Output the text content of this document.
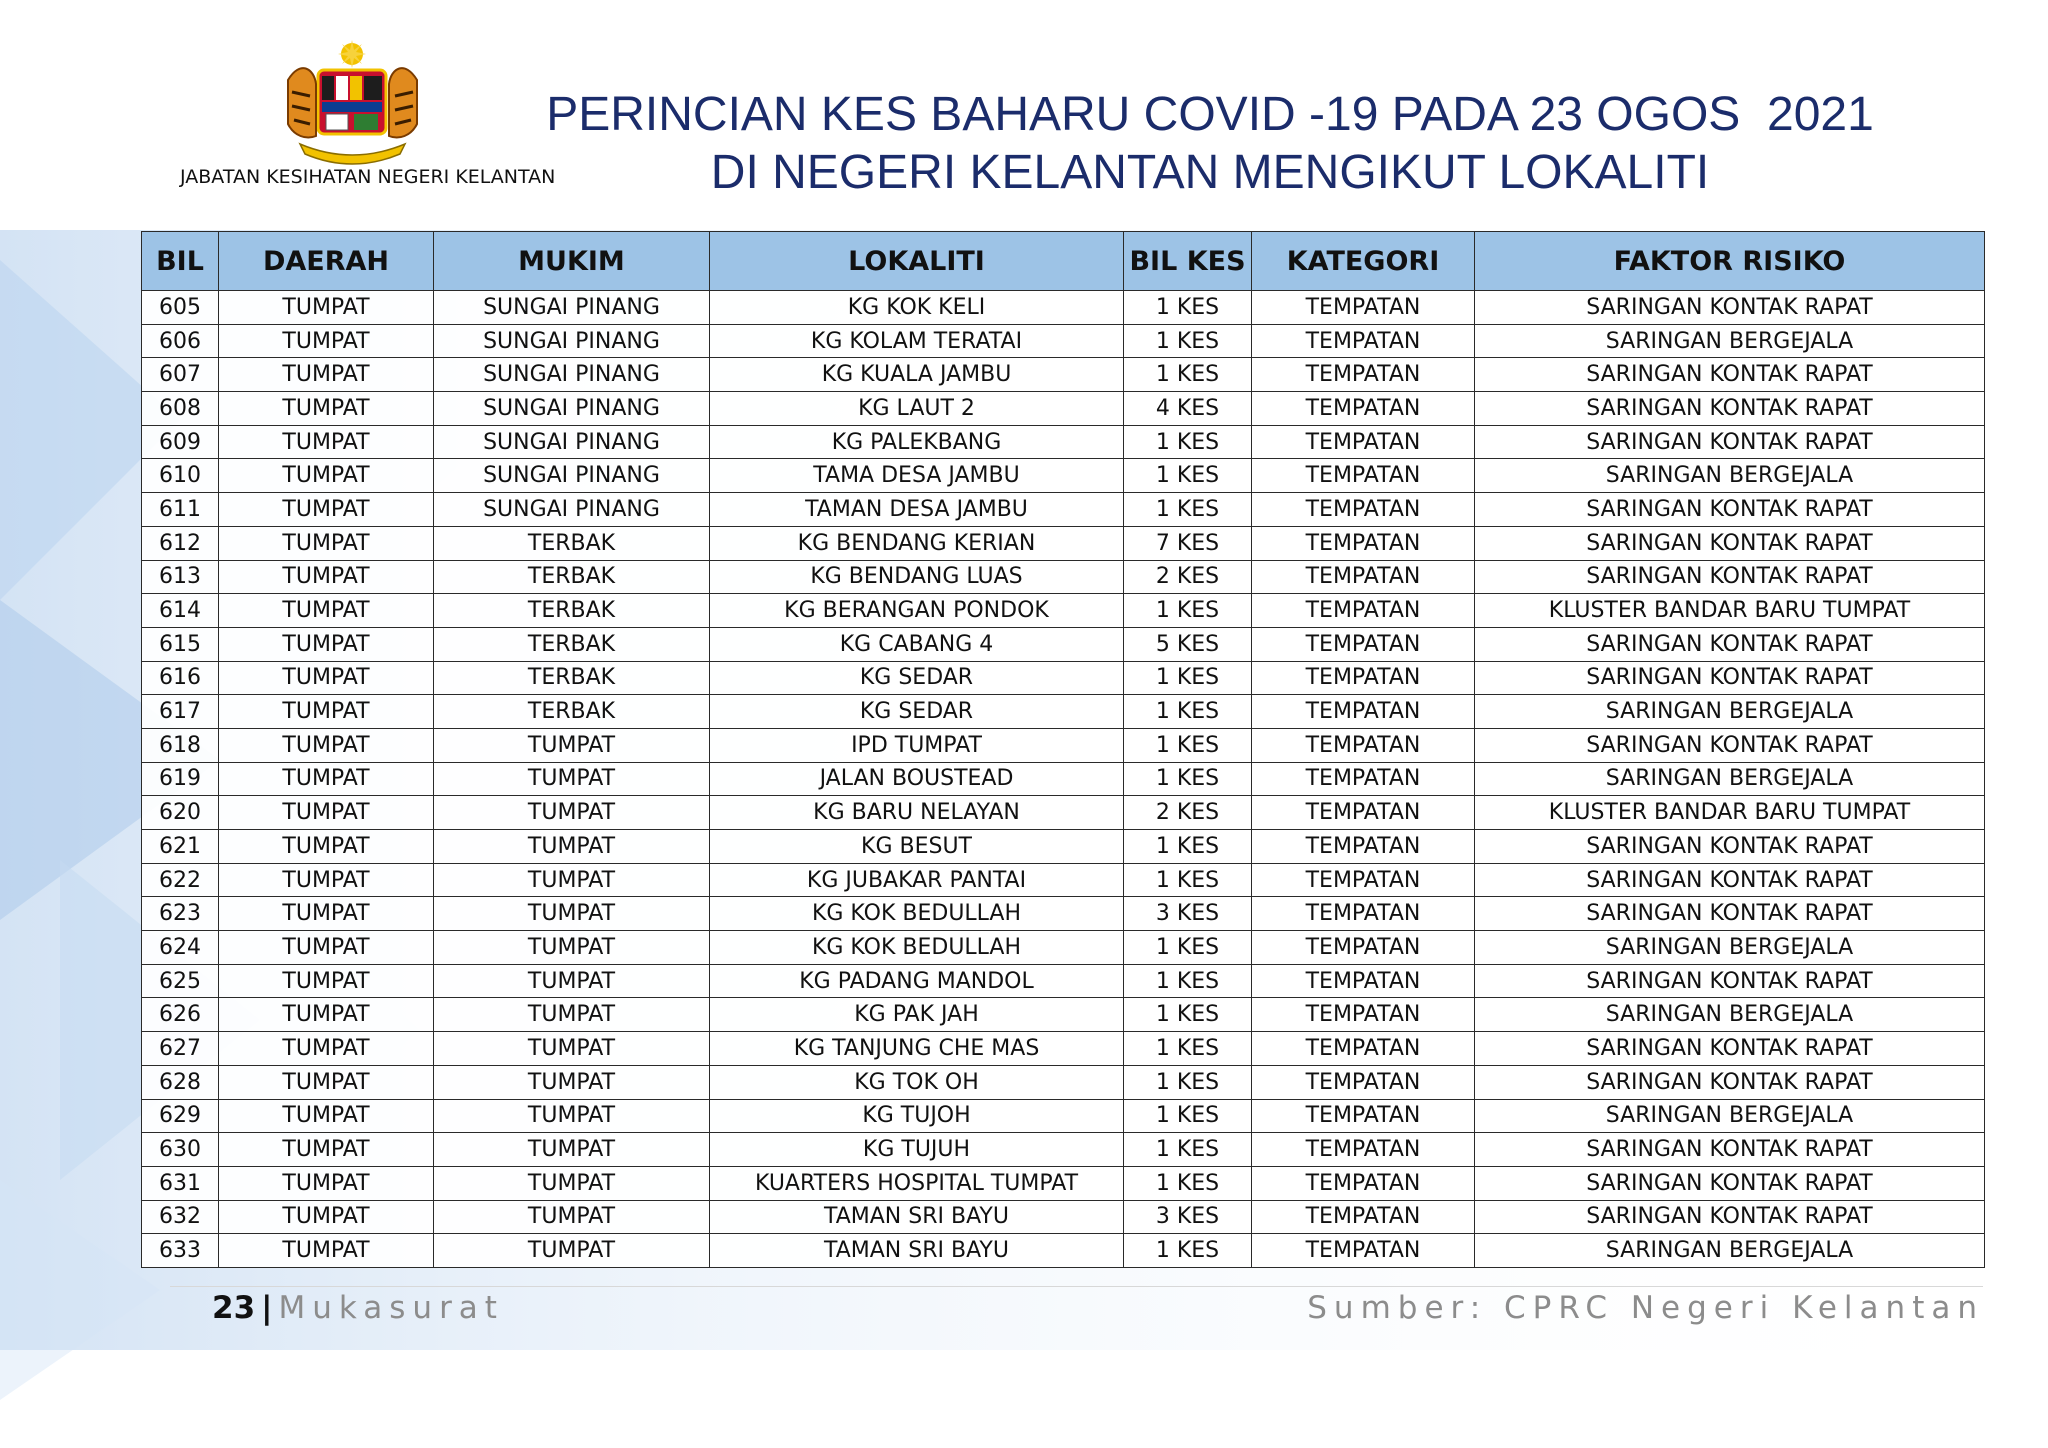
JABATAN KESIHATAN NEGERI KELANTAN
PERINCIAN KES BAHARU COVID -19 PADA 23 OGOS  2021
DI NEGERI KELANTAN MENGIKUT LOKALITI
BIL	DAERAH	MUKIM	LOKALITI	BIL KES	KATEGORI	FAKTOR RISIKO
605	TUMPAT	SUNGAI PINANG	KG KOK KELI	1 KES	TEMPATAN	SARINGAN KONTAK RAPAT
606	TUMPAT	SUNGAI PINANG	KG KOLAM TERATAI	1 KES	TEMPATAN	SARINGAN BERGEJALA
607	TUMPAT	SUNGAI PINANG	KG KUALA JAMBU	1 KES	TEMPATAN	SARINGAN KONTAK RAPAT
608	TUMPAT	SUNGAI PINANG	KG LAUT 2	4 KES	TEMPATAN	SARINGAN KONTAK RAPAT
609	TUMPAT	SUNGAI PINANG	KG PALEKBANG	1 KES	TEMPATAN	SARINGAN KONTAK RAPAT
610	TUMPAT	SUNGAI PINANG	TAMA DESA JAMBU	1 KES	TEMPATAN	SARINGAN BERGEJALA
611	TUMPAT	SUNGAI PINANG	TAMAN DESA JAMBU	1 KES	TEMPATAN	SARINGAN KONTAK RAPAT
612	TUMPAT	TERBAK	KG BENDANG KERIAN	7 KES	TEMPATAN	SARINGAN KONTAK RAPAT
613	TUMPAT	TERBAK	KG BENDANG LUAS	2 KES	TEMPATAN	SARINGAN KONTAK RAPAT
614	TUMPAT	TERBAK	KG BERANGAN PONDOK	1 KES	TEMPATAN	KLUSTER BANDAR BARU TUMPAT
615	TUMPAT	TERBAK	KG CABANG 4	5 KES	TEMPATAN	SARINGAN KONTAK RAPAT
616	TUMPAT	TERBAK	KG SEDAR	1 KES	TEMPATAN	SARINGAN KONTAK RAPAT
617	TUMPAT	TERBAK	KG SEDAR	1 KES	TEMPATAN	SARINGAN BERGEJALA
618	TUMPAT	TUMPAT	IPD TUMPAT	1 KES	TEMPATAN	SARINGAN KONTAK RAPAT
619	TUMPAT	TUMPAT	JALAN BOUSTEAD	1 KES	TEMPATAN	SARINGAN BERGEJALA
620	TUMPAT	TUMPAT	KG BARU NELAYAN	2 KES	TEMPATAN	KLUSTER BANDAR BARU TUMPAT
621	TUMPAT	TUMPAT	KG BESUT	1 KES	TEMPATAN	SARINGAN KONTAK RAPAT
622	TUMPAT	TUMPAT	KG JUBAKAR PANTAI	1 KES	TEMPATAN	SARINGAN KONTAK RAPAT
623	TUMPAT	TUMPAT	KG KOK BEDULLAH	3 KES	TEMPATAN	SARINGAN KONTAK RAPAT
624	TUMPAT	TUMPAT	KG KOK BEDULLAH	1 KES	TEMPATAN	SARINGAN BERGEJALA
625	TUMPAT	TUMPAT	KG PADANG MANDOL	1 KES	TEMPATAN	SARINGAN KONTAK RAPAT
626	TUMPAT	TUMPAT	KG PAK JAH	1 KES	TEMPATAN	SARINGAN BERGEJALA
627	TUMPAT	TUMPAT	KG TANJUNG CHE MAS	1 KES	TEMPATAN	SARINGAN KONTAK RAPAT
628	TUMPAT	TUMPAT	KG TOK OH	1 KES	TEMPATAN	SARINGAN KONTAK RAPAT
629	TUMPAT	TUMPAT	KG TUJOH	1 KES	TEMPATAN	SARINGAN BERGEJALA
630	TUMPAT	TUMPAT	KG TUJUH	1 KES	TEMPATAN	SARINGAN KONTAK RAPAT
631	TUMPAT	TUMPAT	KUARTERS HOSPITAL TUMPAT	1 KES	TEMPATAN	SARINGAN KONTAK RAPAT
632	TUMPAT	TUMPAT	TAMAN SRI BAYU	3 KES	TEMPATAN	SARINGAN KONTAK RAPAT
633	TUMPAT	TUMPAT	TAMAN SRI BAYU	1 KES	TEMPATAN	SARINGAN BERGEJALA
23 | Mukasurat	Sumber: CPRC Negeri Kelantan
